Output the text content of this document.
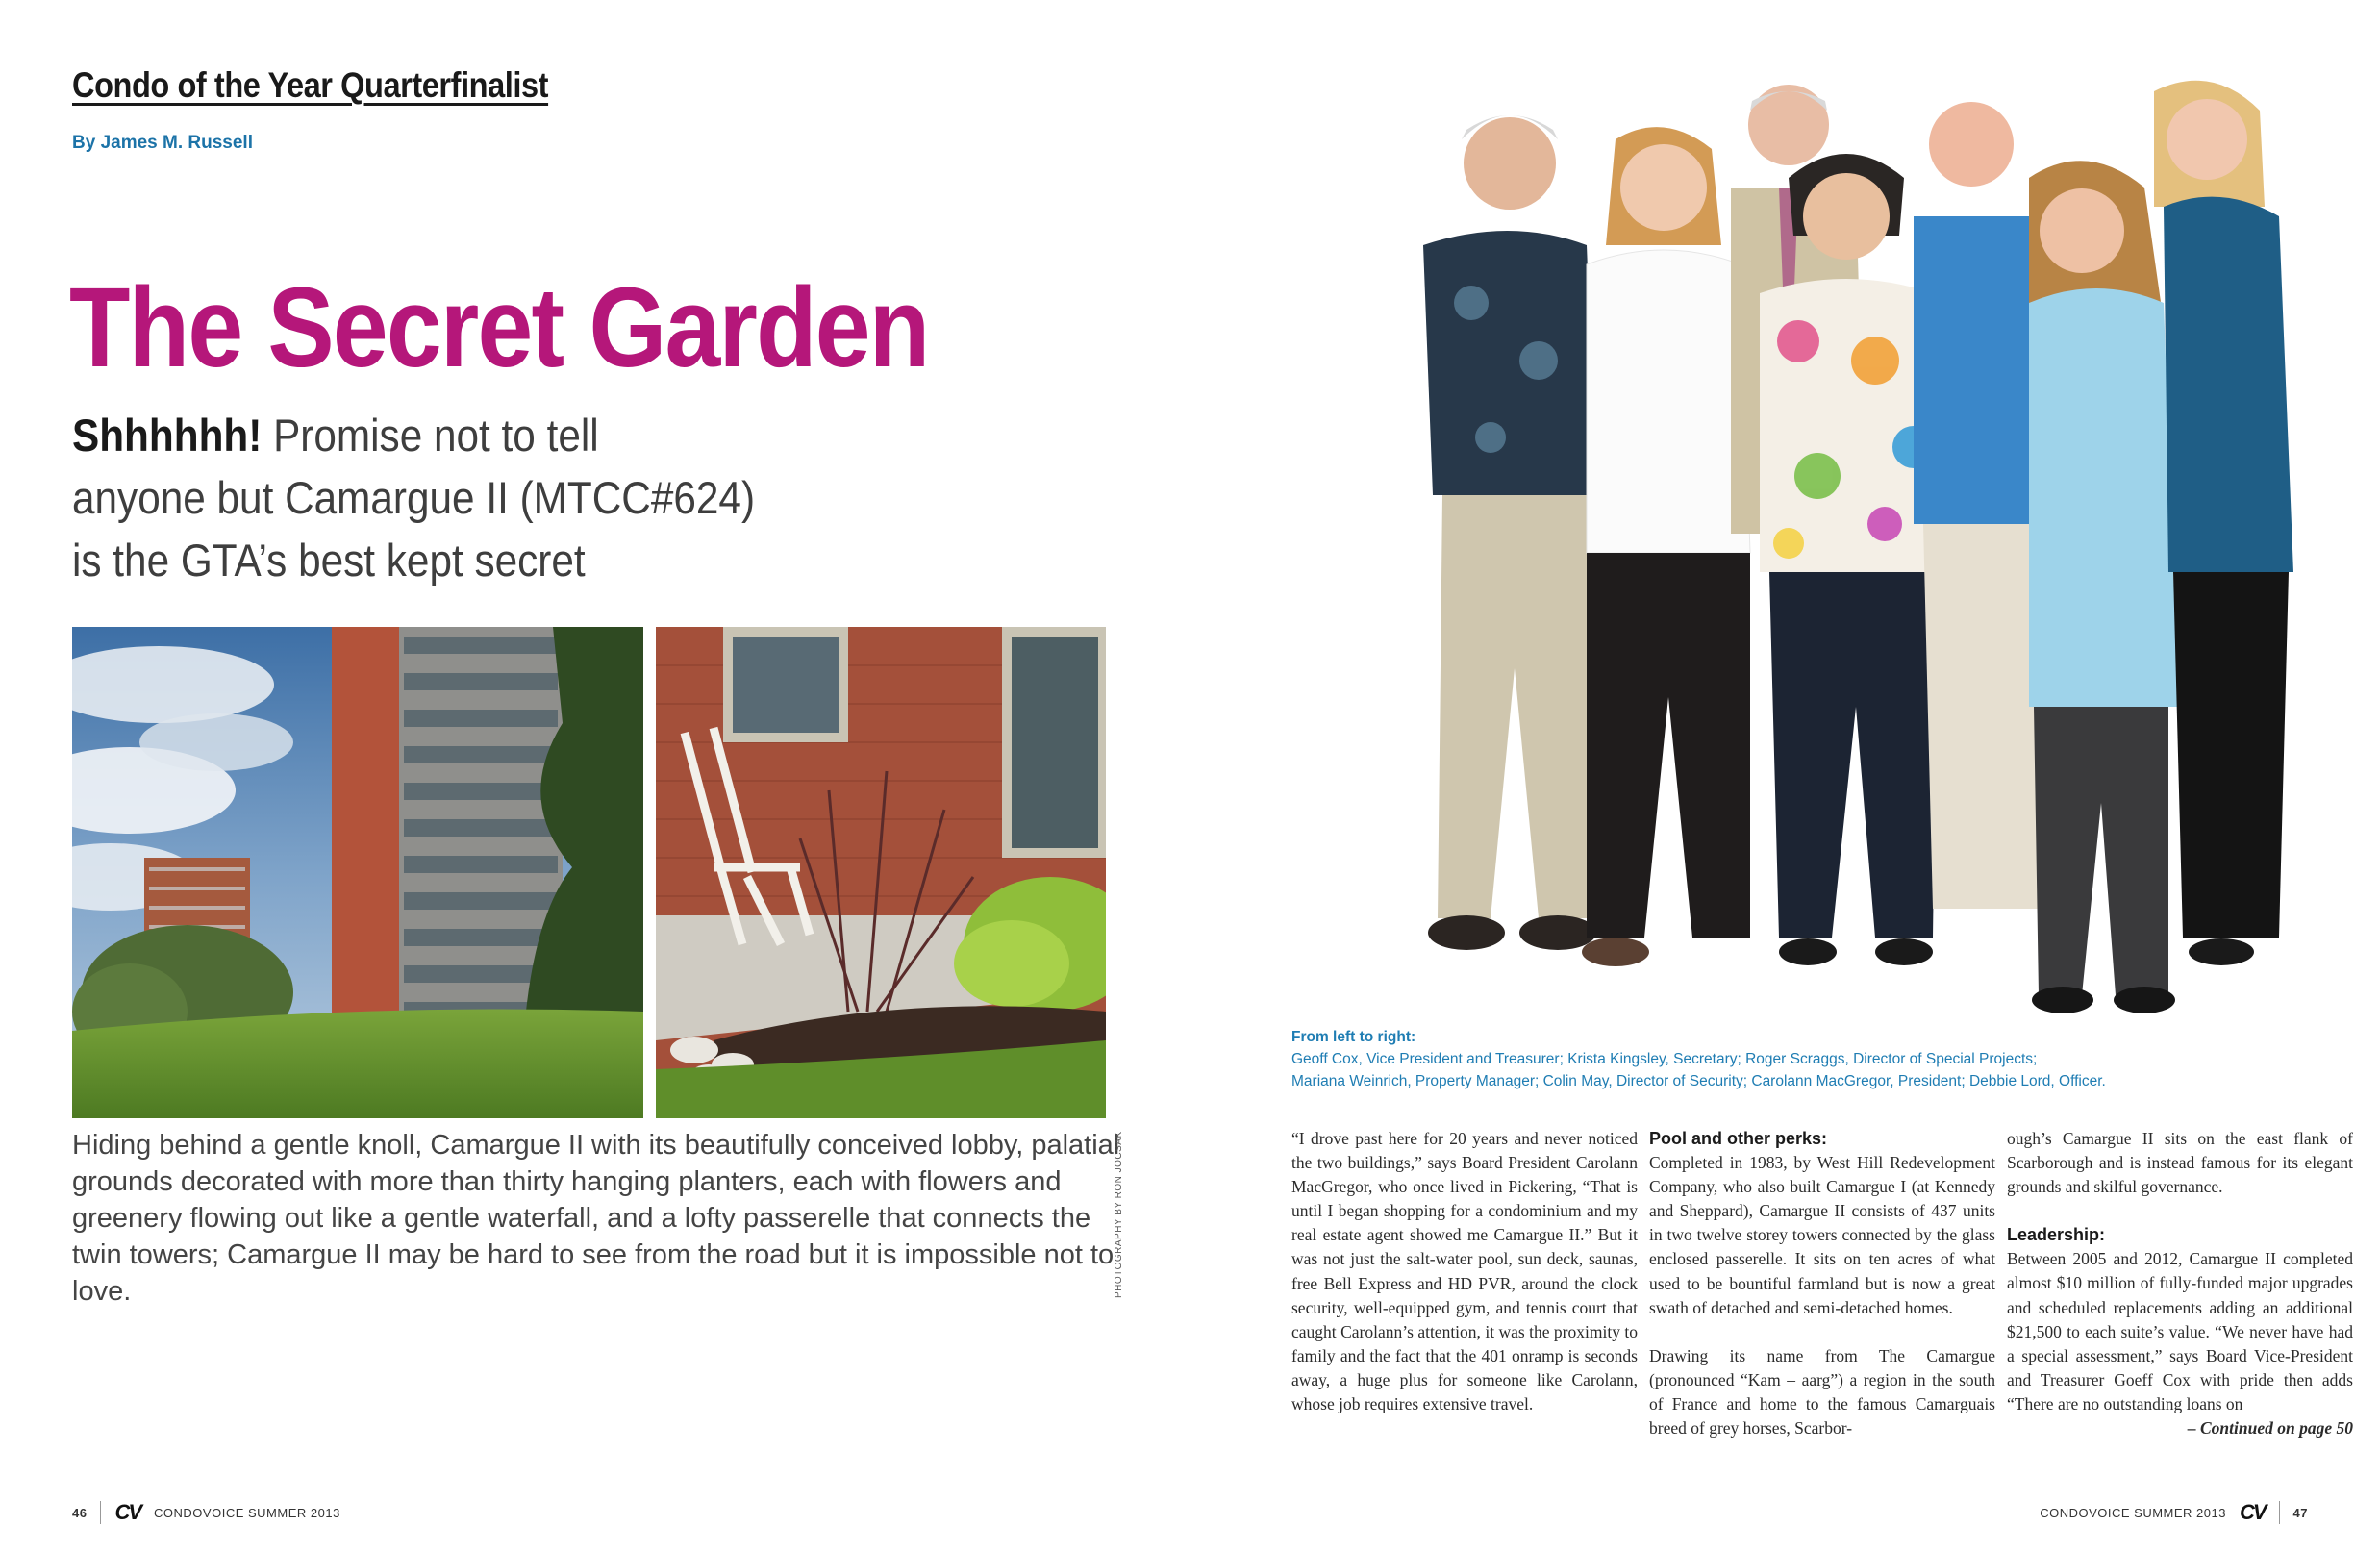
Condo of the Year Quarterfinalist
By James M. Russell
The Secret Garden
Shhhhhh! Promise not to tell
anyone but Camargue II (MTCC#624)
is the GTA’s best kept secret
Hiding behind a gentle knoll, Camargue II with its beautifully conceived lobby, palatial grounds decorated with more than thirty hanging planters, each with flowers and greenery flowing out like a gentle waterfall, and a lofty passerelle that connects the twin towers; Camargue II may be hard to see from the road but it is impossible not to love.	PHOTOGRAPHY BY RON JOCSAK
46 CV CONDOVOICE SUMMER 2013
From left to right:
Geoff Cox, Vice President and Treasurer; Krista Kingsley, Secretary; Roger Scraggs, Director of Special Projects;
Mariana Weinrich, Property Manager; Colin May, Director of Security; Carolann MacGregor, President; Debbie Lord, Officer.

“I drove past here for 20 years and never noticed the two buildings,” says Board President Carolann MacGregor, who once lived in Pickering, “That is until I began shopping for a condominium and my real estate agent showed me Camargue II.” But it was not just the salt-water pool, sun deck, saunas, free Bell Express and HD PVR, around the clock security, well-equipped gym, and tennis court that caught Carolann’s attention, it was the proximity to family and the fact that the 401 onramp is seconds away, a huge plus for someone like Carolann, whose job requires extensive travel.

Pool and other perks:

Completed in 1983, by West Hill Redevelopment Company, who also built Camargue I (at Kennedy and Sheppard), Camargue II consists of 437 units in two twelve storey towers connected by the glass enclosed passerelle. It sits on ten acres of what used to be bountiful farmland but is now a great swath of detached and semi-detached homes.

Drawing its name from The Camargue (pronounced “Kam – aarg”) a region in the south of France and home to the famous Camarguais breed of grey horses, Scarbor-

ough’s Camargue II sits on the east flank of Scarborough and is instead famous for its elegant grounds and skilful governance.

Leadership:

Between 2005 and 2012, Camargue II completed almost $10 million of fully-funded major upgrades and scheduled replacements adding an additional $21,500 to each suite’s value. “We never have had a special assessment,” says Board Vice-President and Treasurer Goeff Cox with pride then adds “There are no outstanding loans on

– Continued on page 50

CONDOVOICE SUMMER 2013 CV 47
